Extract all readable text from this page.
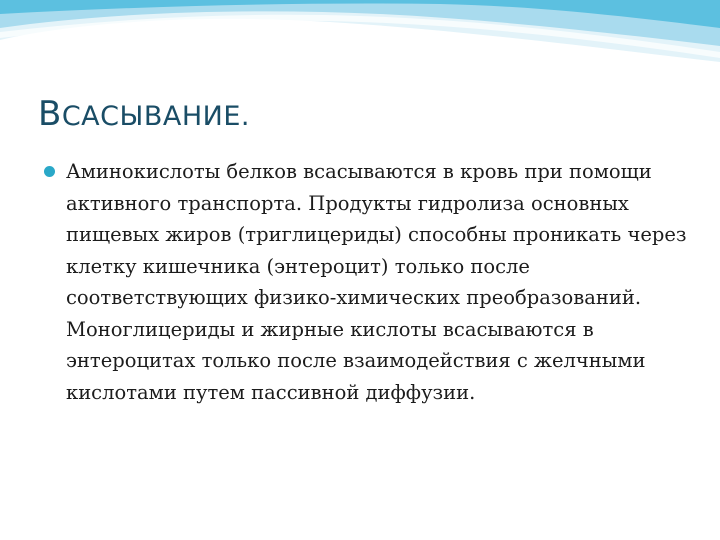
ВСАСЫВАНИЕ.

Аминокислоты белков всасываются в кровь при помощи активного транспорта. Продукты гидролиза основных пищевых жиров (триглицериды) способны проникать через клетку кишечника (энтероцит) только после соответствующих физико-химических преобразований. Моноглицериды и жирные кислоты всасываются в энтероцитах только после взаимодействия с желчными кислотами путем пассивной диффузии.
